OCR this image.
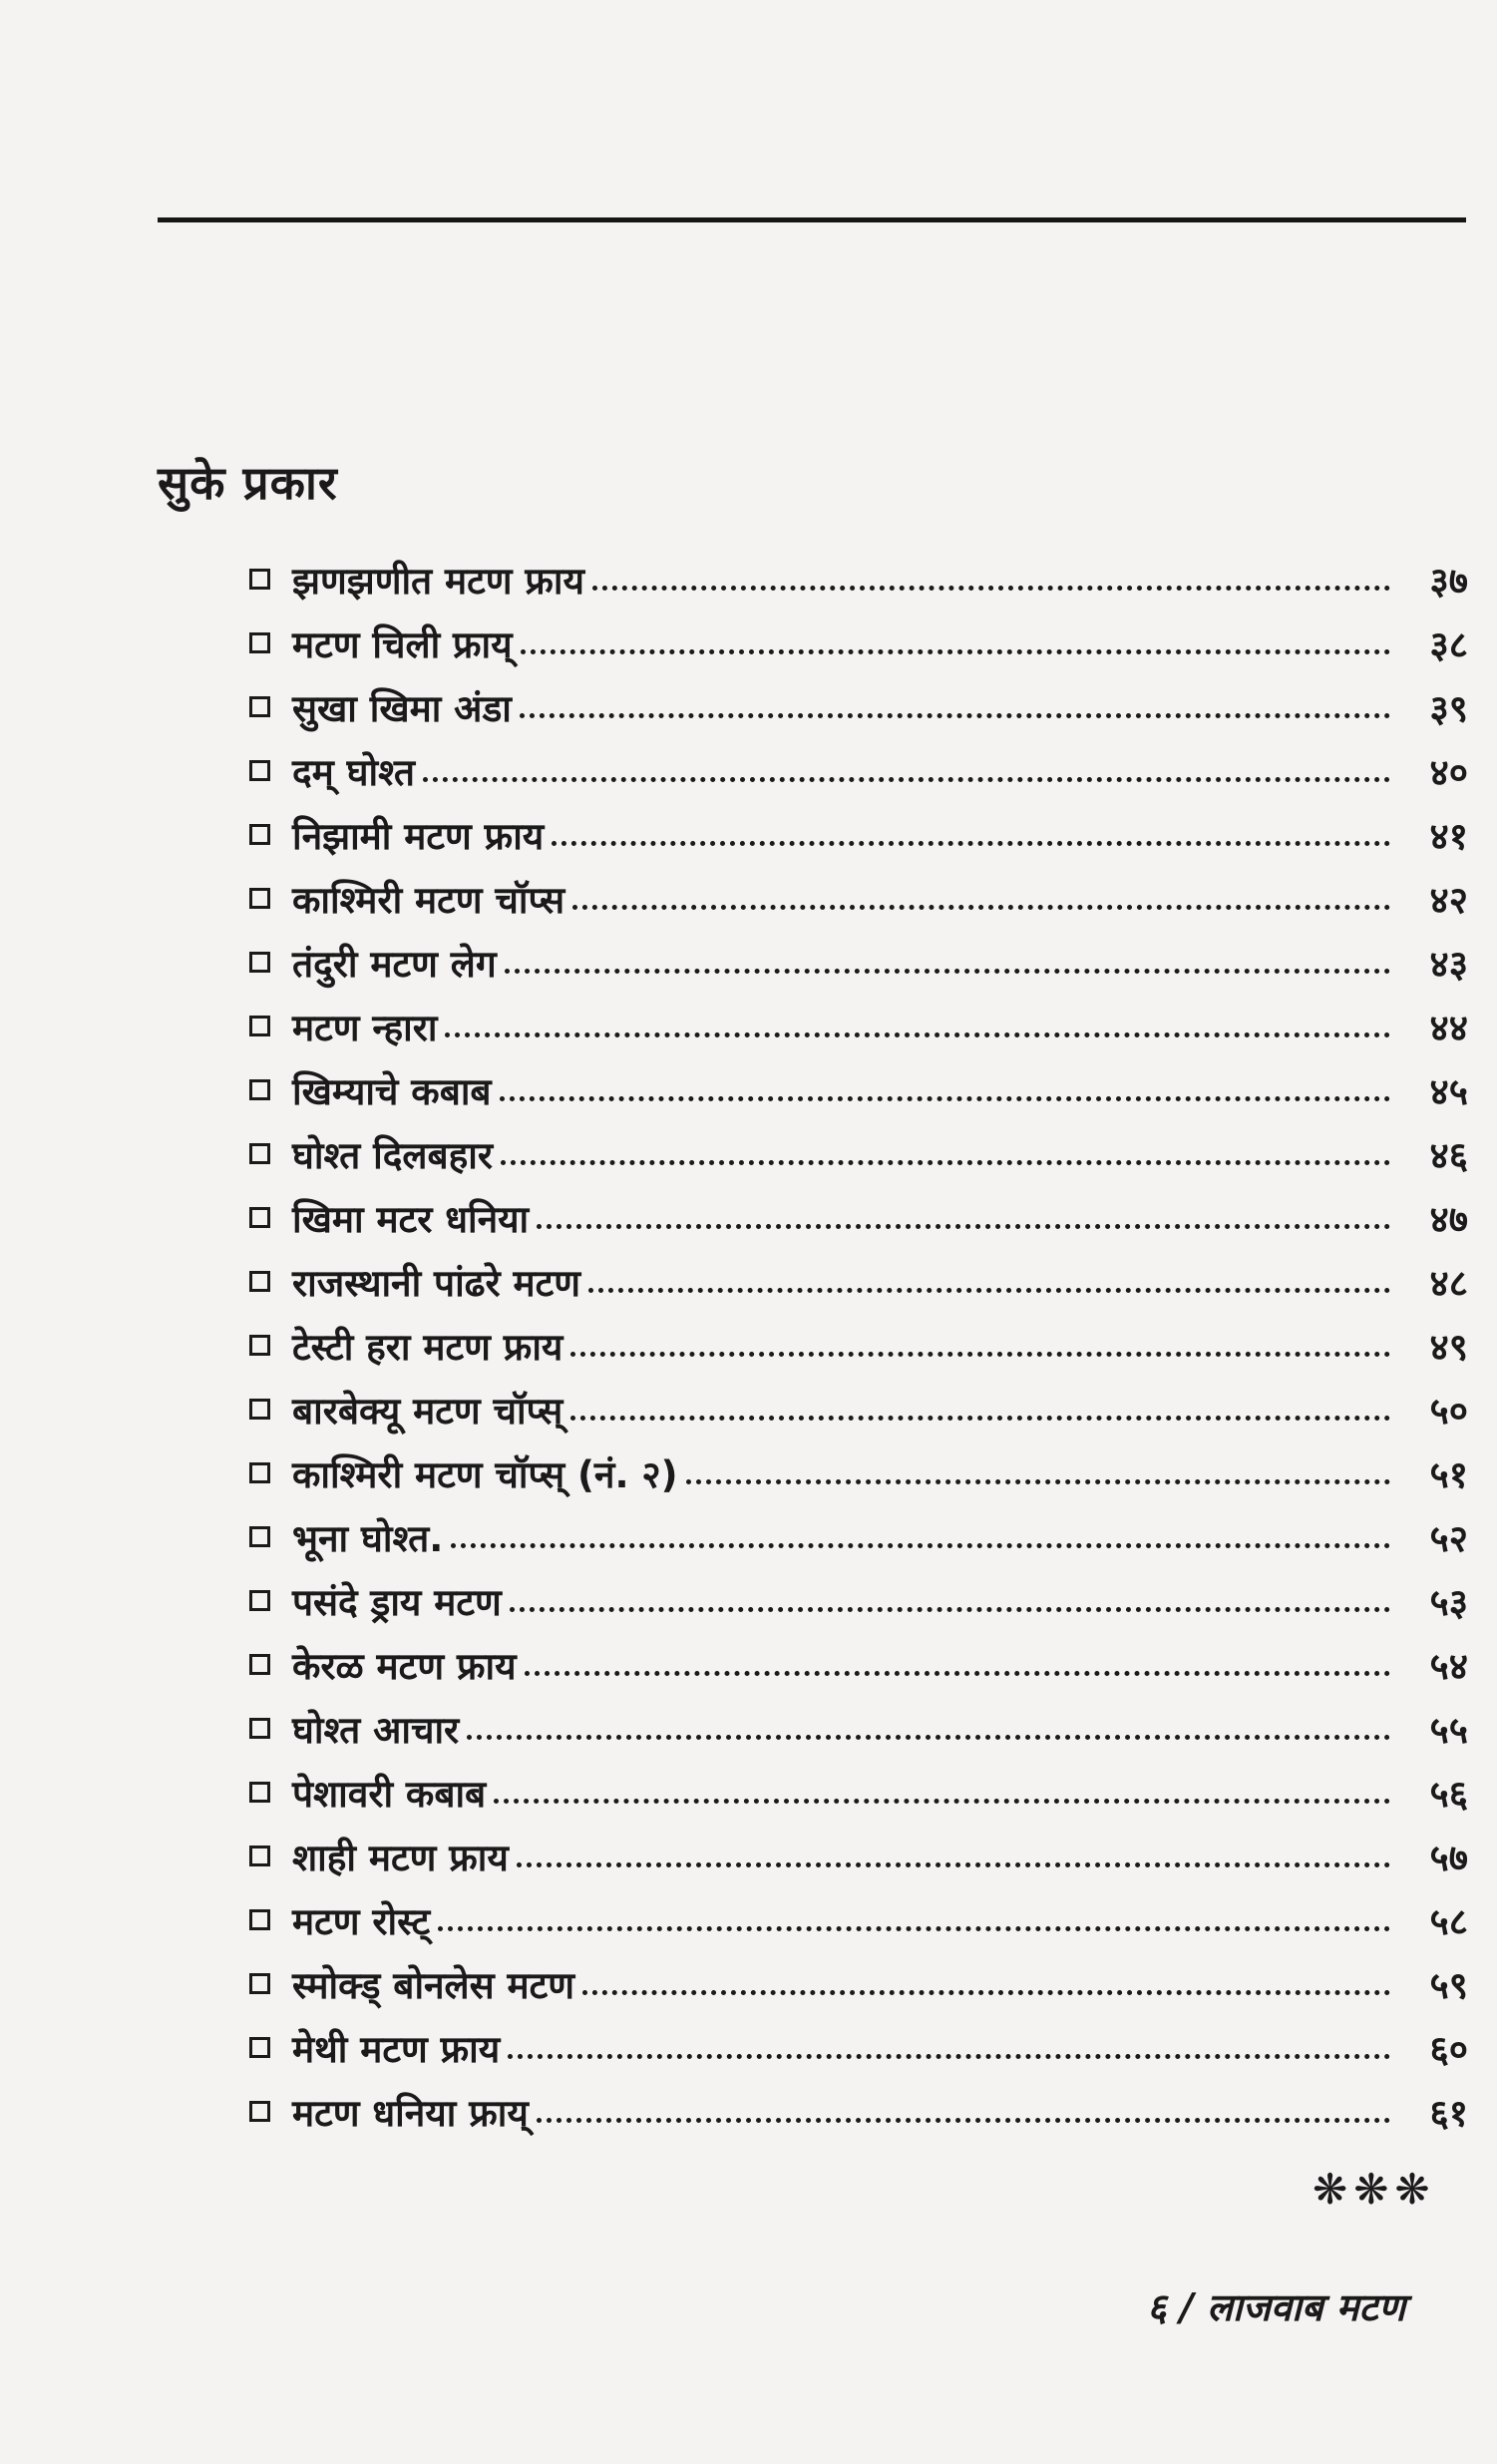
सुके प्रकार
झणझणीत मटण फ्राय	३७
मटण चिली फ्राय्	३८
सुखा खिमा अंडा	३९
दम् घोश्त	४०
निझामी मटण फ्राय	४१
काश्मिरी मटण चॉप्स	४२
तंदुरी मटण लेग	४३
मटण न्हारा	४४
खिम्याचे कबाब	४५
घोश्त दिलबहार	४६
खिमा मटर धनिया	४७
राजस्थानी पांढरे मटण	४८
टेस्टी हरा मटण फ्राय	४९
बारबेक्यू मटण चॉप्स्	५०
काश्मिरी मटण चॉप्स् (नं. २)	५१
भूना घोश्त.	५२
पसंदे ड्राय मटण	५३
केरळ मटण फ्राय	५४
घोश्त आचार	५५
पेशावरी कबाब	५६
शाही मटण फ्राय	५७
मटण रोस्ट्	५८
स्मोक्ड् बोनलेस मटण	५९
मेथी मटण फ्राय	६०
मटण धनिया फ्राय्	६१
❋❋❋
६ / लाजवाब मटण
